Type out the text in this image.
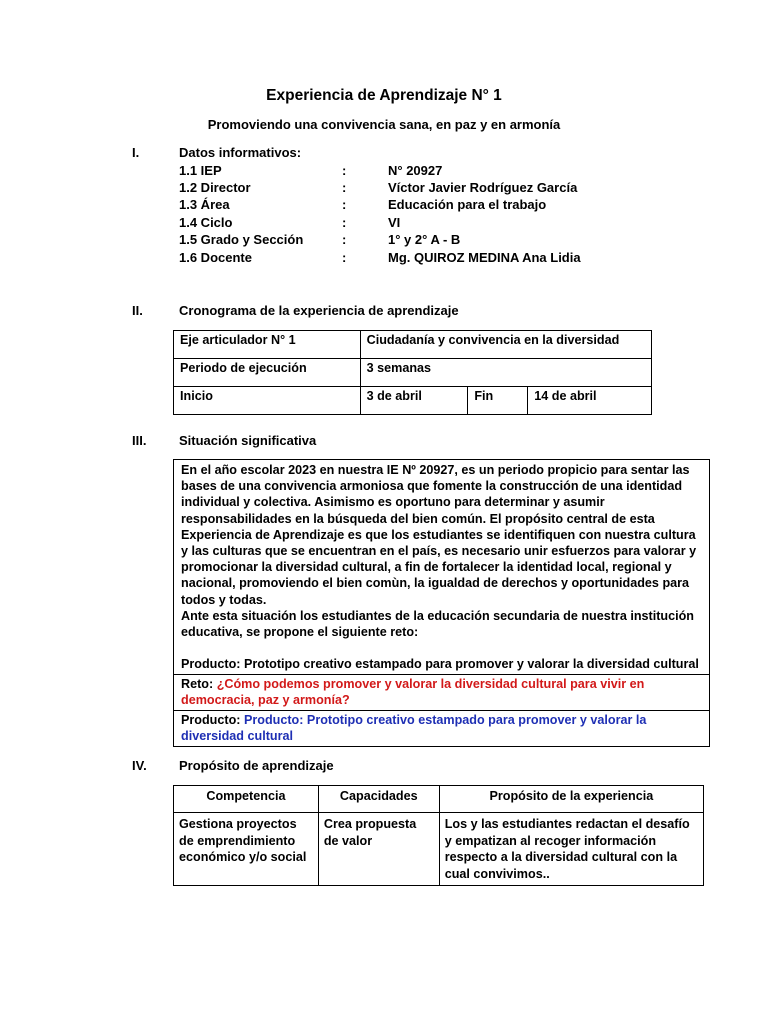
Experiencia de Aprendizaje N° 1
Promoviendo una convivencia sana, en paz y en armonía
I.	Datos informativos:
1.1 IEP	:	N° 20927
1.2 Director	:	Víctor Javier Rodríguez García
1.3 Área	:	Educación para el trabajo
1.4 Ciclo	:	VI
1.5 Grado y Sección	:	1° y 2° A - B
1.6 Docente	:	Mg. QUIROZ MEDINA Ana Lidia
II.	Cronograma de la experiencia de aprendizaje
Eje articulador N° 1	Ciudadanía y convivencia en la diversidad		
Periodo de ejecución	3 semanas		
Inicio	3 de abril	Fin	14 de abril
III.	Situación significativa

En el año escolar 2023 en nuestra IE Nº 20927, es un periodo propicio para sentar las bases de una convivencia armoniosa que fomente la construcción de una identidad individual y colectiva. Asimismo es oportuno para determinar y asumir responsabilidades en la búsqueda del bien común. El propósito central de esta Experiencia de Aprendizaje es que los estudiantes se identifiquen con nuestra cultura y las culturas que se encuentran en el país, es necesario unir esfuerzos para valorar y promocionar la diversidad cultural, a fin de fortalecer la identidad local, regional y nacional, promoviendo el bien comùn, la igualdad de derechos y oportunidades para todos y todas.

Ante esta situación los estudiantes de la educación secundaria de nuestra institución educativa, se propone el siguiente reto:

Producto: Prototipo creativo estampado para promover y valorar la diversidad cultural

Reto: ¿Cómo podemos promover y valorar la diversidad cultural para vivir en democracia, paz y armonía?
Producto: Producto: Prototipo creativo estampado para promover y valorar la diversidad cultural
IV. Propósito de aprendizaje
Competencia	Capacidades	Propósito de la experiencia
Gestiona proyectos de emprendimiento económico y/o social	Crea propuesta de valor	Los y las estudiantes redactan el desafío y empatizan al recoger información respecto a la diversidad cultural con la cual convivimos..
